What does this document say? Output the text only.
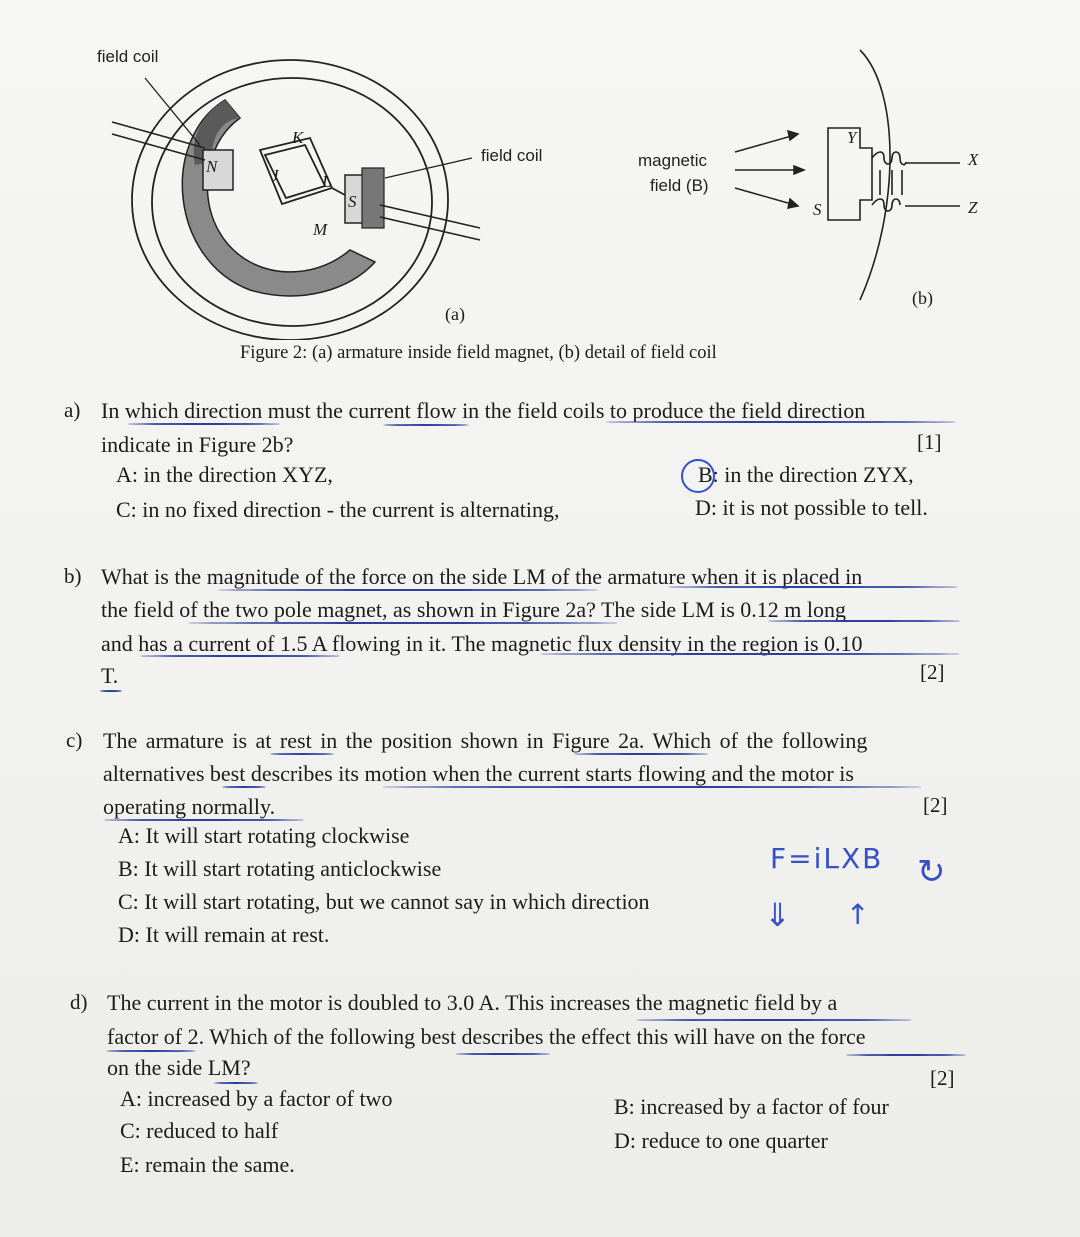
field coil
field coil	magnetic
field (B)
K
J	L
M
N
S
Y
X
Z
S
(a)
(b)
Figure 2: (a) armature inside field magnet, (b) detail of field coil
a) In which direction must the current flow in the field coils to produce the field direction
indicate in Figure 2b?	[1]
A: in the direction XYZ,	B: in the direction ZYX,
C: in no fixed direction - the current is alternating,	D: it is not possible to tell.
b) What is the magnitude of the force on the side LM of the armature when it is placed in
the field of the two pole magnet, as shown in Figure 2a? The side LM is 0.12 m long
and has a current of 1.5 A flowing in it. The magnetic flux density in the region is 0.10
T.	[2]
c) The armature is at rest in the position shown in Figure 2a. Which of the following
alternatives best describes its motion when the current starts flowing and the motor is
operating normally.	[2]
A: It will start rotating clockwise
B: It will start rotating anticlockwise
C: It will start rotating, but we cannot say in which direction
D: It will remain at rest.
F=iLXB ↻
⇓ ↑
d) The current in the motor is doubled to 3.0 A. This increases the magnetic field by a
factor of 2. Which of the following best describes the effect this will have on the force
on the side LM?	[2]
A: increased by a factor of two	B: increased by a factor of four
C: reduced to half	D: reduce to one quarter
E: remain the same.
